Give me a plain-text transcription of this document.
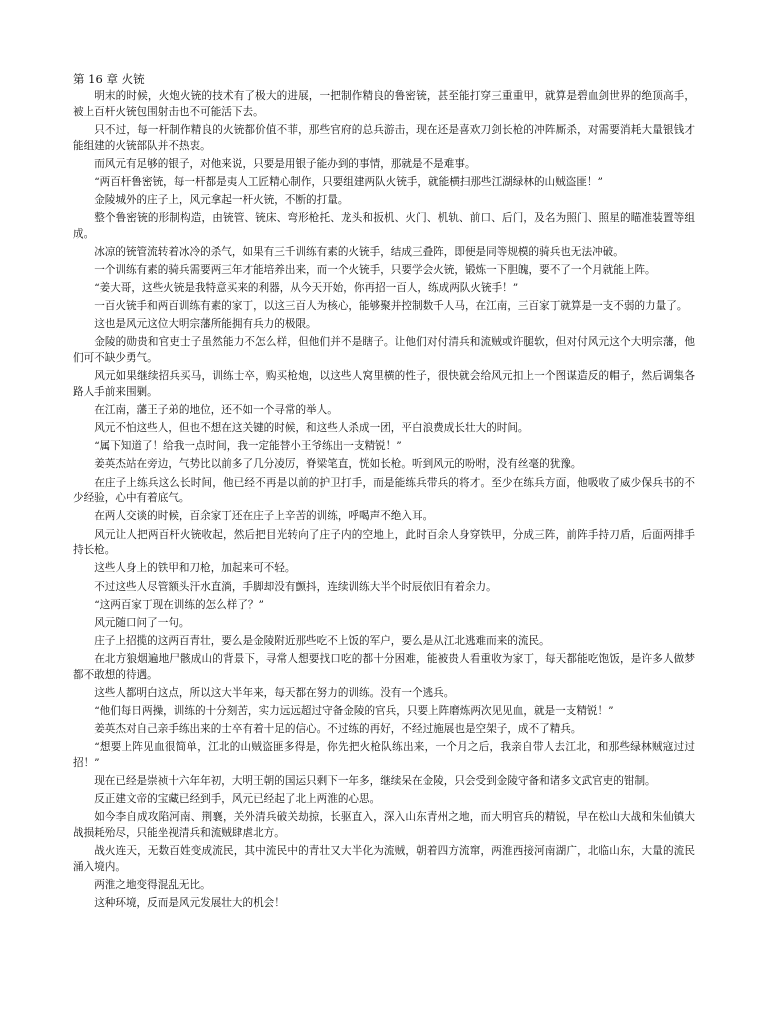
第 16 章 火铳

明末的时候，火炮火铳的技术有了极大的进展，一把制作精良的鲁密铳，甚至能打穿三重重甲，就算是碧血剑世界的绝顶高手，被上百杆火铳包围射击也不可能活下去。

只不过，每一杆制作精良的火铳都价值不菲，那些官府的总兵游击，现在还是喜欢刀剑长枪的冲阵厮杀，对需要消耗大量银钱才能组建的火铳部队并不热衷。

而风元有足够的银子，对他来说，只要是用银子能办到的事情，那就是不是难事。

“两百杆鲁密铳，每一杆都是夷人工匠精心制作，只要组建两队火铳手，就能横扫那些江湖绿林的山贼盗匪！”

金陵城外的庄子上，风元拿起一杆火铳，不断的打量。

整个鲁密铳的形制构造，由铳管、铳床、弯形枪托、龙头和扳机、火门、机轨、前口、后门，及名为照门、照星的瞄准装置等组成。

冰凉的铳管流转着冰冷的杀气，如果有三千训练有素的火铳手，结成三叠阵，即便是同等规模的骑兵也无法冲破。

一个训练有素的骑兵需要两三年才能培养出来，而一个火铳手，只要学会火铳，锻炼一下胆魄，要不了一个月就能上阵。

“姜大哥，这些火铳是我特意买来的利器，从今天开始，你再招一百人，练成两队火铳手！”

一百火铳手和两百训练有素的家丁，以这三百人为核心，能够聚并控制数千人马，在江南，三百家丁就算是一支不弱的力量了。

这也是风元这位大明宗藩所能拥有兵力的极限。

金陵的勋贵和官吏士子虽然能力不怎么样，但他们并不是瞎子。让他们对付清兵和流贼或许腿软，但对付风元这个大明宗藩，他们可不缺少勇气。

风元如果继续招兵买马，训练士卒，购买枪炮，以这些人窝里横的性子，很快就会给风元扣上一个图谋造反的帽子，然后调集各路人手前来围剿。

在江南，藩王子弟的地位，还不如一个寻常的举人。

风元不怕这些人，但也不想在这关键的时候，和这些人杀成一团，平白浪费成长壮大的时间。

“属下知道了！给我一点时间，我一定能替小王爷练出一支精锐！”

姜英杰站在旁边，气势比以前多了几分凌厉，脊梁笔直，恍如长枪。听到风元的吩咐，没有丝毫的犹豫。

在庄子上练兵这么长时间，他已经不再是以前的护卫打手，而是能练兵带兵的将才。至少在练兵方面，他吸收了威少保兵书的不少经验，心中有着底气。

在两人交谈的时候，百余家丁还在庄子上辛苦的训练，呼喝声不绝入耳。

风元让人把两百杆火铳收起，然后把目光转向了庄子内的空地上，此时百余人身穿铁甲，分成三阵，前阵手持刀盾，后面两排手持长枪。

这些人身上的铁甲和刀枪，加起来可不轻。

不过这些人尽管额头汗水直淌，手脚却没有颤抖，连续训练大半个时辰依旧有着余力。

“这两百家丁现在训练的怎么样了？”

风元随口问了一句。

庄子上招揽的这两百青壮，要么是金陵附近那些吃不上饭的军户，要么是从江北逃难而来的流民。

在北方狼烟遍地尸骸成山的背景下，寻常人想要找口吃的都十分困难，能被贵人看重收为家丁，每天都能吃饱饭，是许多人做梦都不敢想的待遇。

这些人都明白这点，所以这大半年来，每天都在努力的训练。没有一个逃兵。

“他们每日两操，训练的十分刻苦，实力远远超过守备金陵的官兵，只要上阵磨炼两次见见血，就是一支精锐！”

姜英杰对自己亲手练出来的士卒有着十足的信心。不过练的再好，不经过施展也是空架子，成不了精兵。

“想要上阵见血很简单，江北的山贼盗匪多得是，你先把火枪队练出来，一个月之后，我亲自带人去江北，和那些绿林贼寇过过招！”

现在已经是崇祯十六年年初，大明王朝的国运只剩下一年多，继续呆在金陵，只会受到金陵守备和诸多文武官吏的钳制。

反正建文帝的宝藏已经到手，风元已经起了北上两淮的心思。

如今李自成攻陷河南、荆襄，关外清兵破关劫掠，长驱直入，深入山东青州之地，而大明官兵的精锐，早在松山大战和朱仙镇大战损耗殆尽，只能坐视清兵和流贼肆虐北方。

战火连天，无数百姓变成流民，其中流民中的青壮又大半化为流贼，朝着四方流窜，两淮西接河南湖广，北临山东，大量的流民涌入境内。

两淮之地变得混乱无比。

这种环境，反而是风元发展壮大的机会！
